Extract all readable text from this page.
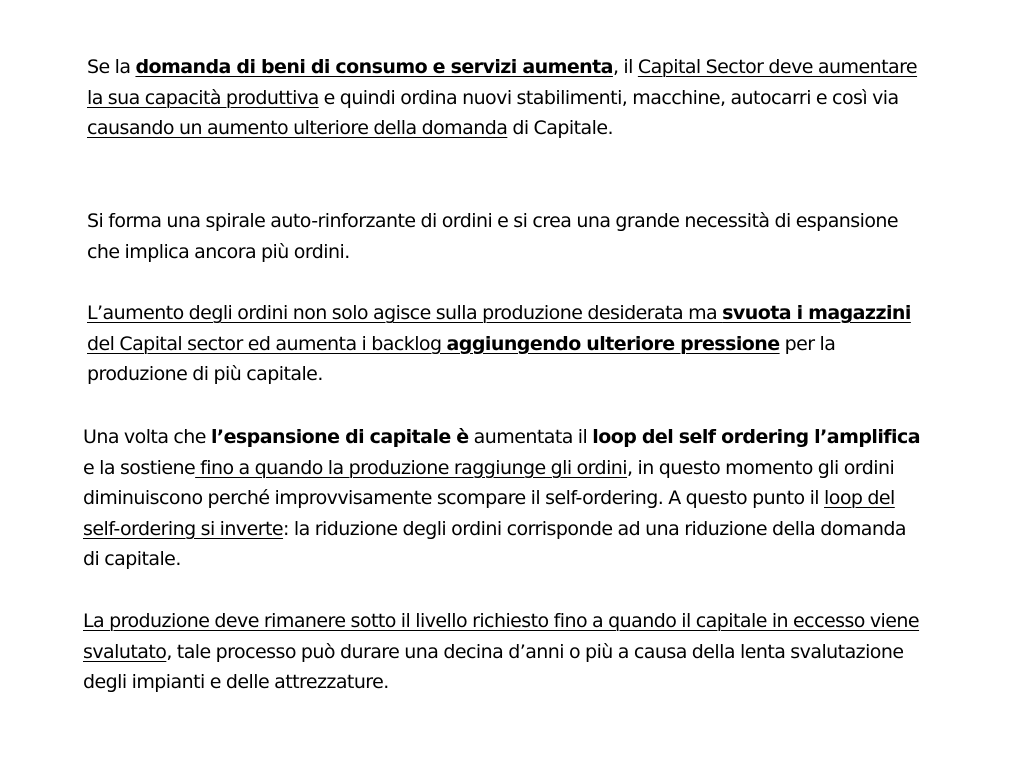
Se la domanda di beni di consumo e servizi aumenta, il Capital Sector deve aumentare la sua capacità produttiva e quindi ordina nuovi stabilimenti, macchine, autocarri e così via causando un aumento ulteriore della domanda di Capitale.

Si forma una spirale auto-rinforzante di ordini e si crea una grande necessità di espansione che implica ancora più ordini.

L’aumento degli ordini non solo agisce sulla produzione desiderata ma svuota i magazzini del Capital sector ed aumenta i backlog aggiungendo ulteriore pressione per la produzione di più capitale.

Una volta che l’espansione di capitale è aumentata il loop del self ordering l’amplifica e la sostiene fino a quando la produzione raggiunge gli ordini, in questo momento gli ordini diminuiscono perché improvvisamente scompare il self-ordering. A questo punto il loop del self-ordering si inverte: la riduzione degli ordini corrisponde ad una riduzione della domanda di capitale.

La produzione deve rimanere sotto il livello richiesto fino a quando il capitale in eccesso viene svalutato, tale processo può durare una decina d’anni o più a causa della lenta svalutazione degli impianti e delle attrezzature.
